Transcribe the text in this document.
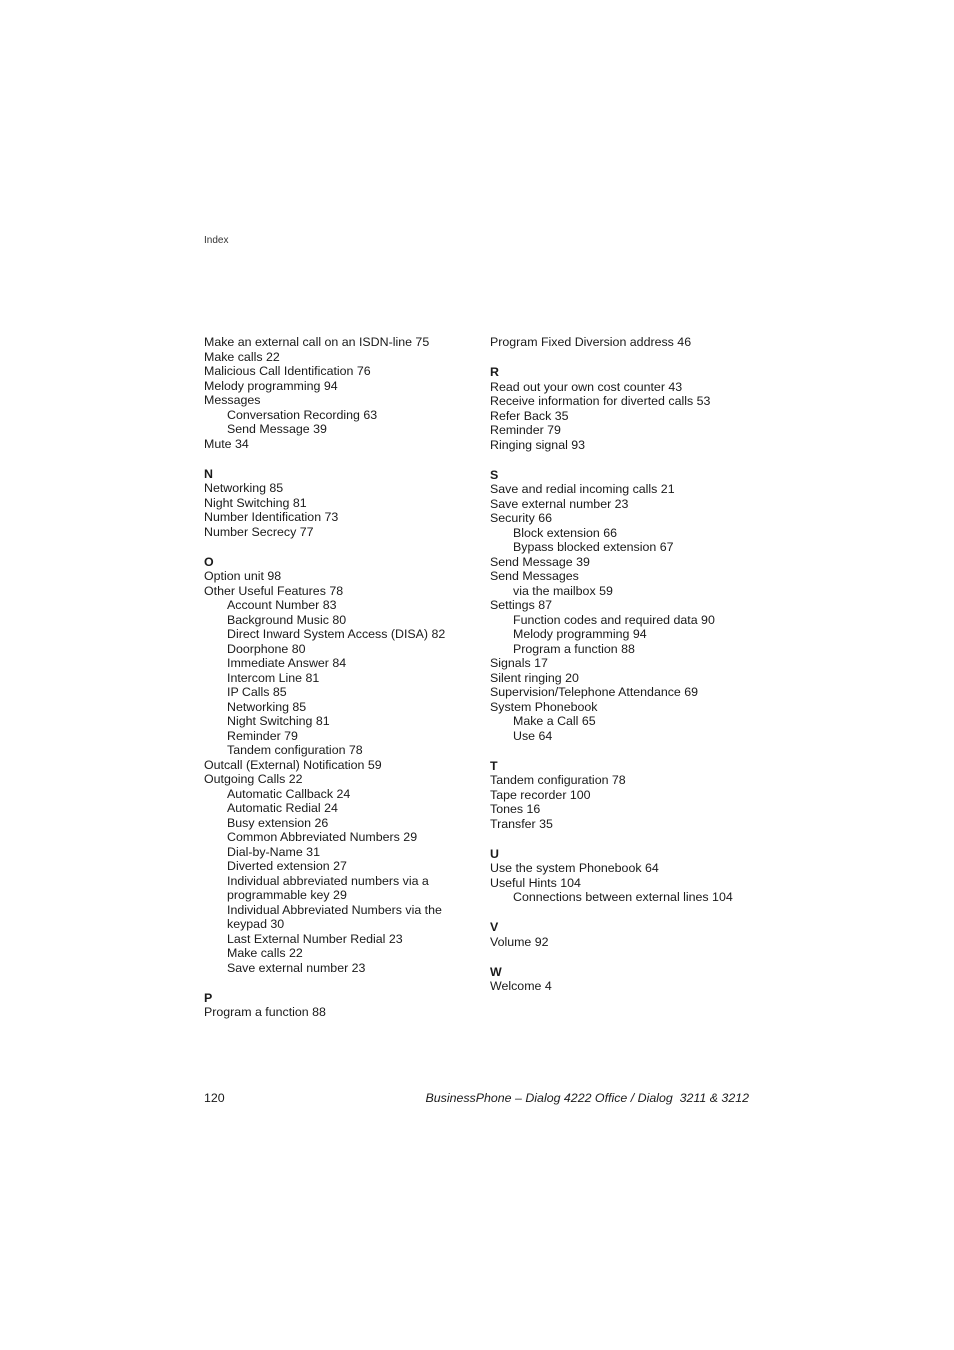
Index
Make an external call on an ISDN-line 75
Make calls 22
Malicious Call Identification 76
Melody programming 94
Messages
Conversation Recording 63
Send Message 39
Mute 34
N
Networking 85
Night Switching 81
Number Identification 73
Number Secrecy 77
O
Option unit 98
Other Useful Features 78
Account Number 83
Background Music 80
Direct Inward System Access (DISA) 82
Doorphone 80
Immediate Answer 84
Intercom Line 81
IP Calls 85
Networking 85
Night Switching 81
Reminder 79
Tandem configuration 78
Outcall (External) Notification 59
Outgoing Calls 22
Automatic Callback 24
Automatic Redial 24
Busy extension 26
Common Abbreviated Numbers 29
Dial-by-Name 31
Diverted extension 27
Individual abbreviated numbers via a programmable key 29
Individual Abbreviated Numbers via the keypad 30
Last External Number Redial 23
Make calls 22
Save external number 23
P
Program a function 88
Program Fixed Diversion address 46
R
Read out your own cost counter 43
Receive information for diverted calls 53
Refer Back 35
Reminder 79
Ringing signal 93
S
Save and redial incoming calls 21
Save external number 23
Security 66
Block extension 66
Bypass blocked extension 67
Send Message 39
Send Messages
via the mailbox 59
Settings 87
Function codes and required data 90
Melody programming 94
Program a function 88
Signals 17
Silent ringing 20
Supervision/Telephone Attendance 69
System Phonebook
Make a Call 65
Use 64
T
Tandem configuration 78
Tape recorder 100
Tones 16
Transfer 35
U
Use the system Phonebook 64
Useful Hints 104
Connections between external lines 104
V
Volume 92
W
Welcome 4
120	BusinessPhone – Dialog 4222 Office / Dialog  3211 & 3212
